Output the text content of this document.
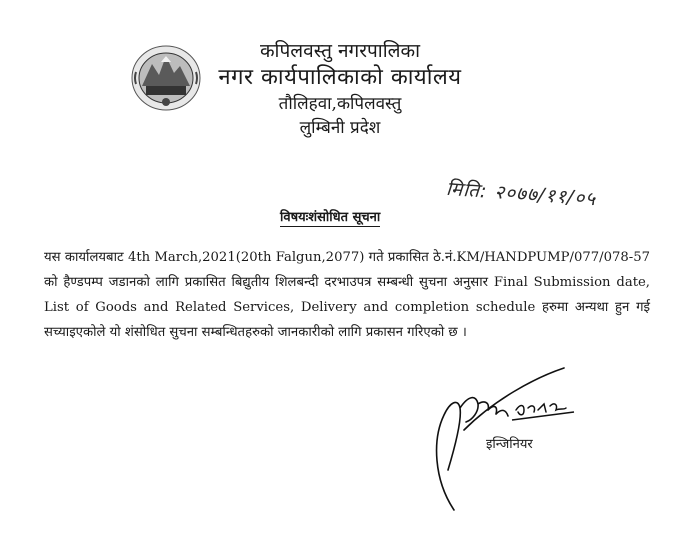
कपिलवस्तु नगरपालिका
नगर कार्यपालिकाको कार्यालय
तौलिहवा,कपिलवस्तु
लुम्बिनी प्रदेश
मिति: २०७७/११/०५
विषयःशंसोधित सूचना
यस कार्यालयबाट 4th March,2021(20th Falgun,2077) गते प्रकासित ठे.नं.KM/HANDPUMP/077/078-57 को हैण्डपम्प जडानको लागि प्रकासित बिद्युतीय शिलबन्दी दरभाउपत्र सम्बन्धी सुचना अनुसार Final Submission date, List of Goods and Related Services, Delivery and completion schedule हरुमा अन्यथा हुन गई सच्याइएकोले यो शंसोधित सुचना सम्बन्धितहरुको जानकारीको लागि प्रकासन गरिएको छ ।
इन्जिनियर
